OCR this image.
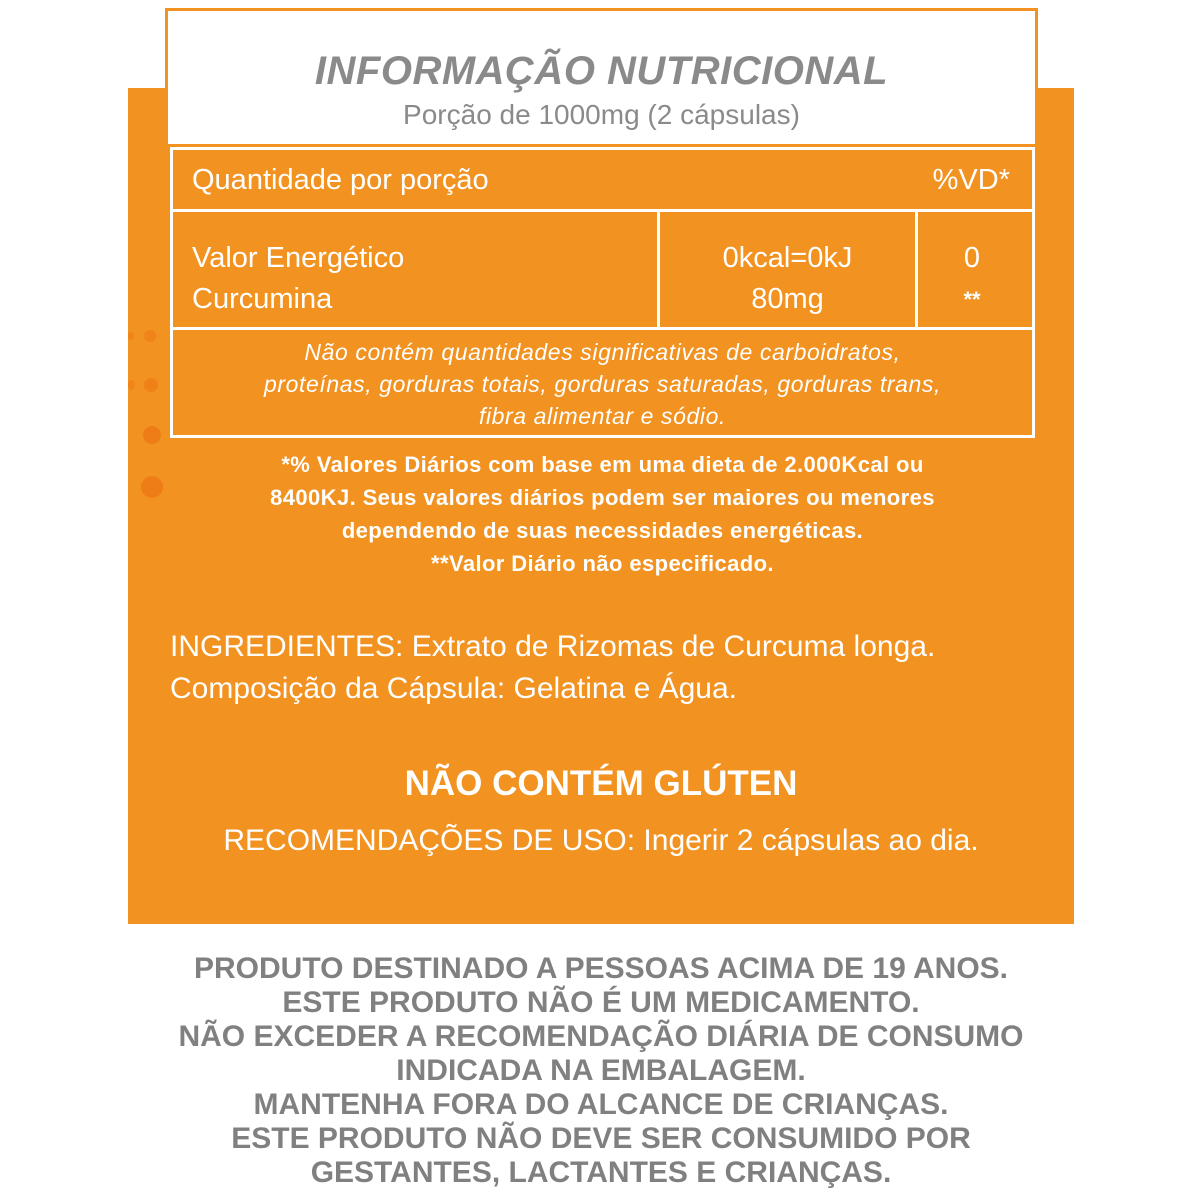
INFORMAÇÃO NUTRICIONAL
Porção de 1000mg (2 cápsulas)
Quantidade por porção	%VD*
Valor Energético
Curcumina
0kcal=0kJ
80mg
0
**
Não contém quantidades significativas de carboidratos,
proteínas, gorduras totais, gorduras saturadas, gorduras trans,
fibra alimentar e sódio.
*% Valores Diários com base em uma dieta de 2.000Kcal ou
8400KJ. Seus valores diários podem ser maiores ou menores
dependendo de suas necessidades energéticas.
**Valor Diário não especificado.
INGREDIENTES: Extrato de Rizomas de Curcuma longa.
Composição da Cápsula: Gelatina e Água.
NÃO CONTÉM GLÚTEN
RECOMENDAÇÕES DE USO: Ingerir 2 cápsulas ao dia.
PRODUTO DESTINADO A PESSOAS ACIMA DE 19 ANOS.
ESTE PRODUTO NÃO É UM MEDICAMENTO.
NÃO EXCEDER A RECOMENDAÇÃO DIÁRIA DE CONSUMO
INDICADA NA EMBALAGEM.
MANTENHA FORA DO ALCANCE DE CRIANÇAS.
ESTE PRODUTO NÃO DEVE SER CONSUMIDO POR
GESTANTES, LACTANTES E CRIANÇAS.
